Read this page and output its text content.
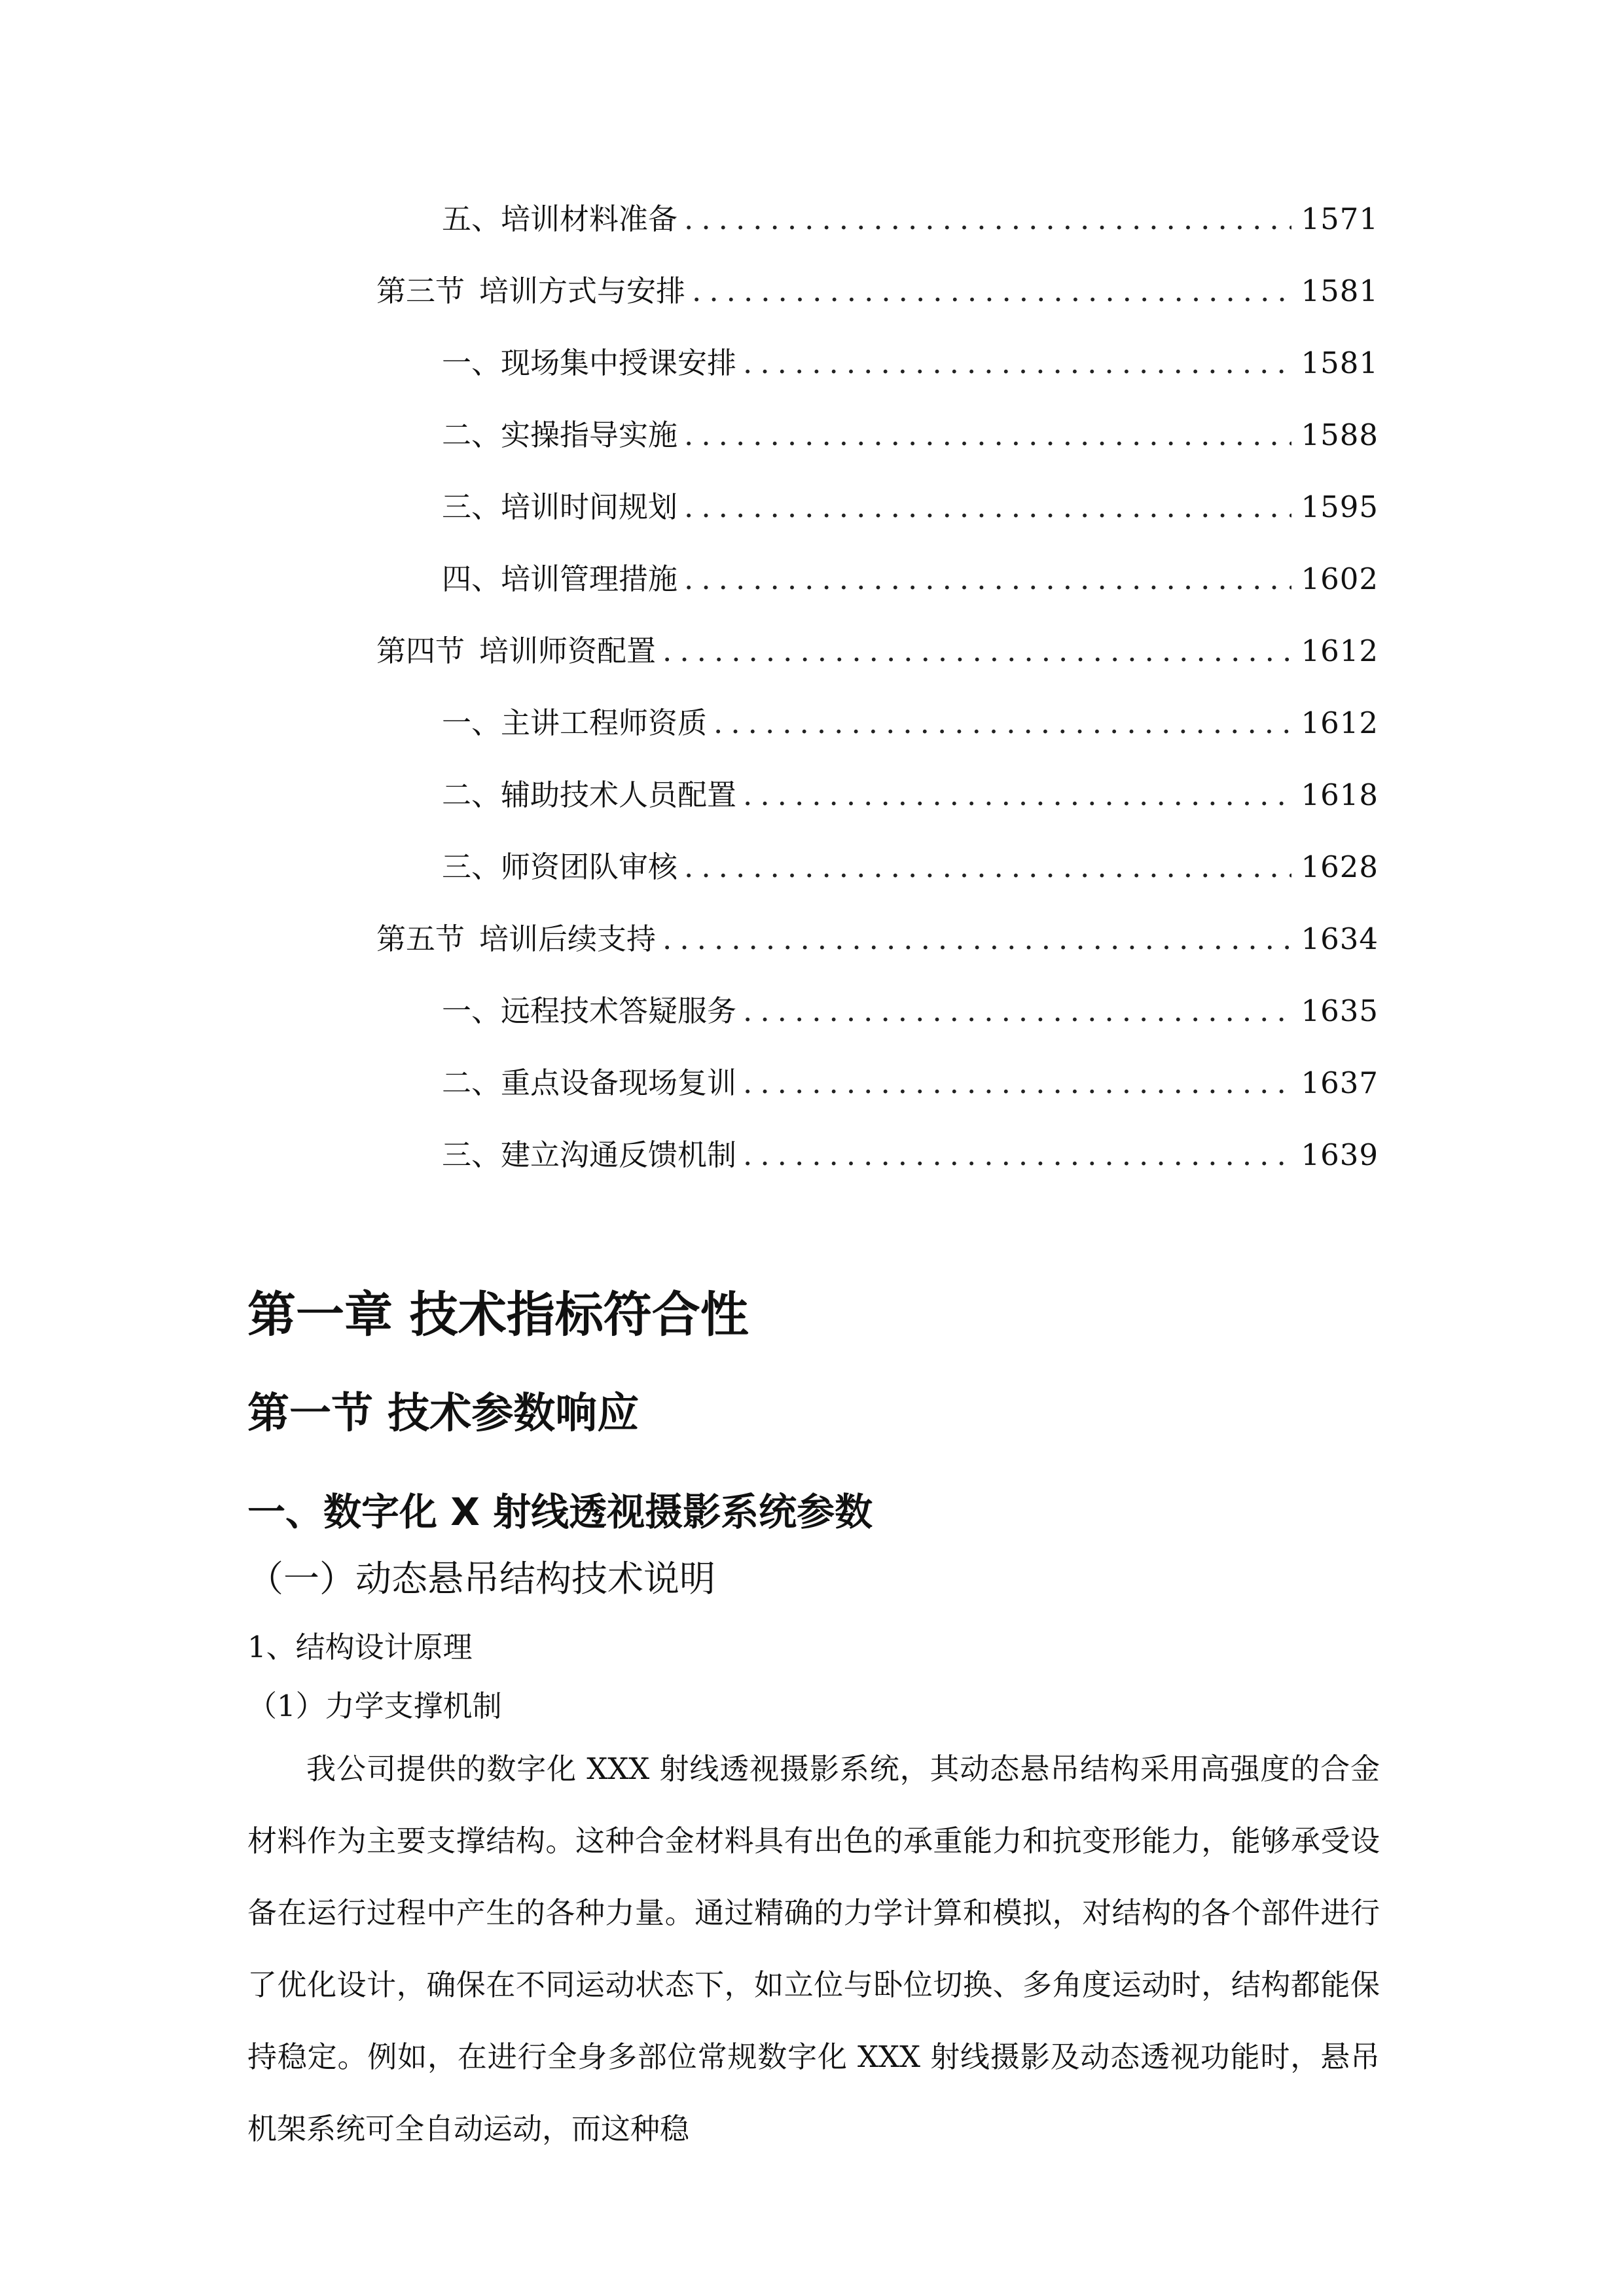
五、 培训材料准备 .....	1571
第三节 培训方式与安排 .....	1581
一、 现场集中授课安排 .....	1581
二、 实操指导实施 .....	1588
三、 培训时间规划 .....	1595
四、 培训管理措施 .....	1602
第四节 培训师资配置 .....	1612
一、 主讲工程师资质 .....	1612
二、 辅助技术人员配置 .....	1618
三、 师资团队审核 .....	1628
第五节 培训后续支持 .....	1634
一、 远程技术答疑服务 .....	1635
二、 重点设备现场复训 .....	1637
三、 建立沟通反馈机制 .....	1639
第一章 技术指标符合性
第一节 技术参数响应
一、数字化 X 射线透视摄影系统参数
（一）动态悬吊结构技术说明
1、结构设计原理
（1）力学支撑机制

我公司提供的数字化 XXX 射线透视摄影系统，其动态悬吊结构采用高强度的合金材料作为主要支撑结构。这种合金材料具有出色的承重能力和抗变形能力，能够承受设备在运行过程中产生的各种力量。通过精确的力学计算和模拟，对结构的各个部件进行了优化设计，确保在不同运动状态下，如立位与卧位切换、多角度运动时，结构都能保持稳定。例如，在进行全身多部位常规数字化 XXX 射线摄影及动态透视功能时，悬吊机架系统可全自动运动，而这种稳
